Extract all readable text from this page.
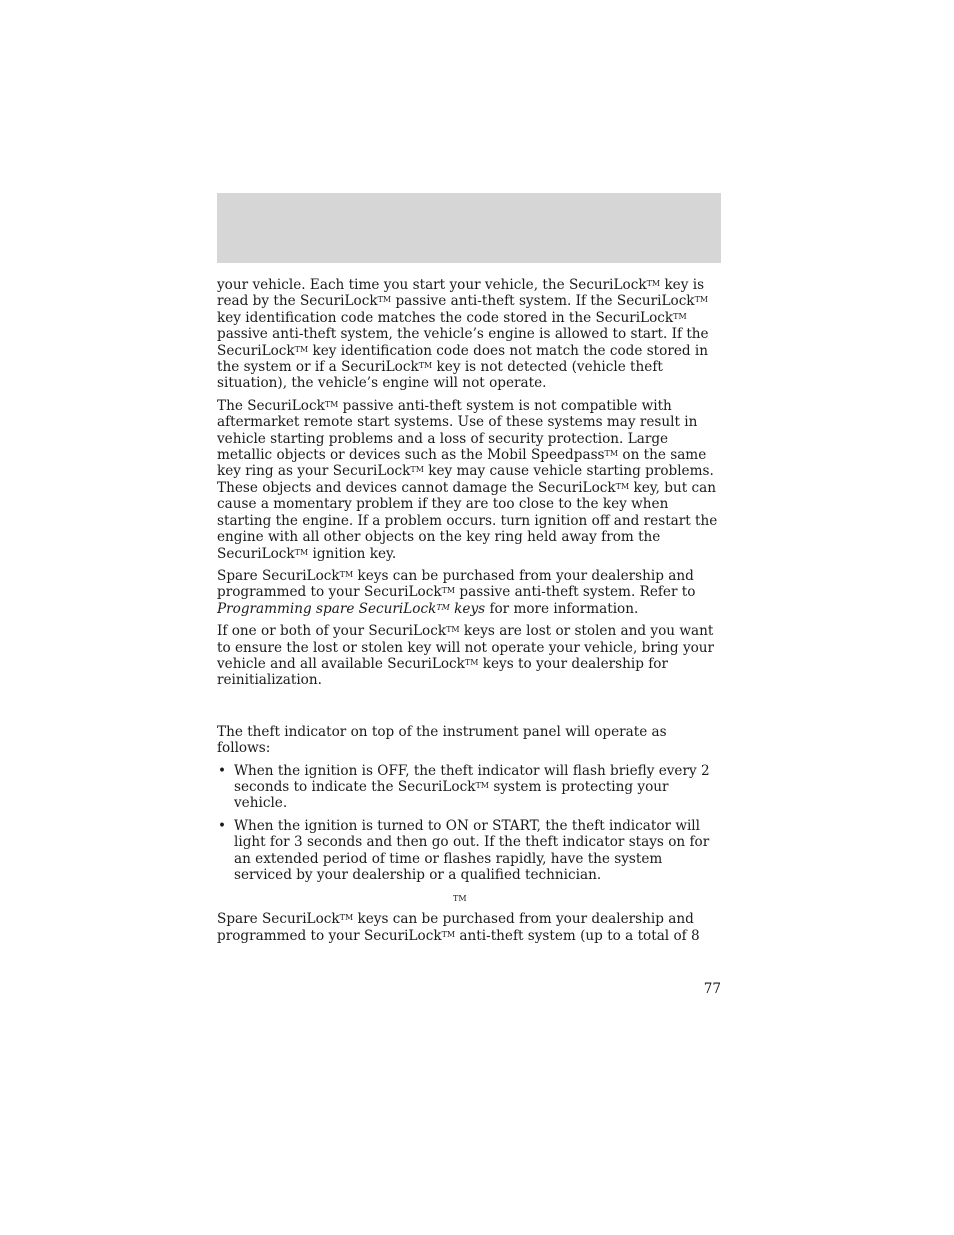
your vehicle. Each time you start your vehicle, the SecuriLock™ key is read by the SecuriLock™ passive anti-theft system. If the SecuriLock™ key identification code matches the code stored in the SecuriLock™ passive anti-theft system, the vehicle’s engine is allowed to start. If the SecuriLock™ key identification code does not match the code stored in the system or if a SecuriLock™ key is not detected (vehicle theft situation), the vehicle’s engine will not operate.

The SecuriLock™ passive anti-theft system is not compatible with aftermarket remote start systems. Use of these systems may result in vehicle starting problems and a loss of security protection. Large metallic objects or devices such as the Mobil Speedpass™ on the same key ring as your SecuriLock™ key may cause vehicle starting problems. These objects and devices cannot damage the SecuriLock™ key, but can cause a momentary problem if they are too close to the key when starting the engine. If a problem occurs. turn ignition off and restart the engine with all other objects on the key ring held away from the SecuriLock™ ignition key.

Spare SecuriLock™ keys can be purchased from your dealership and programmed to your SecuriLock™ passive anti-theft system. Refer to Programming spare SecuriLock™ keys for more information.

If one or both of your SecuriLock™ keys are lost or stolen and you want to ensure the lost or stolen key will not operate your vehicle, bring your vehicle and all available SecuriLock™ keys to your dealership for reinitialization.

The theft indicator on top of the instrument panel will operate as follows:

• When the ignition is OFF, the theft indicator will flash briefly every 2 seconds to indicate the SecuriLock™ system is protecting your vehicle.
• When the ignition is turned to ON or START, the theft indicator will light for 3 seconds and then go out. If the theft indicator stays on for an extended period of time or flashes rapidly, have the system serviced by your dealership or a qualified technician.
TM

Spare SecuriLock™ keys can be purchased from your dealership and programmed to your SecuriLock™ anti-theft system (up to a total of 8

77
